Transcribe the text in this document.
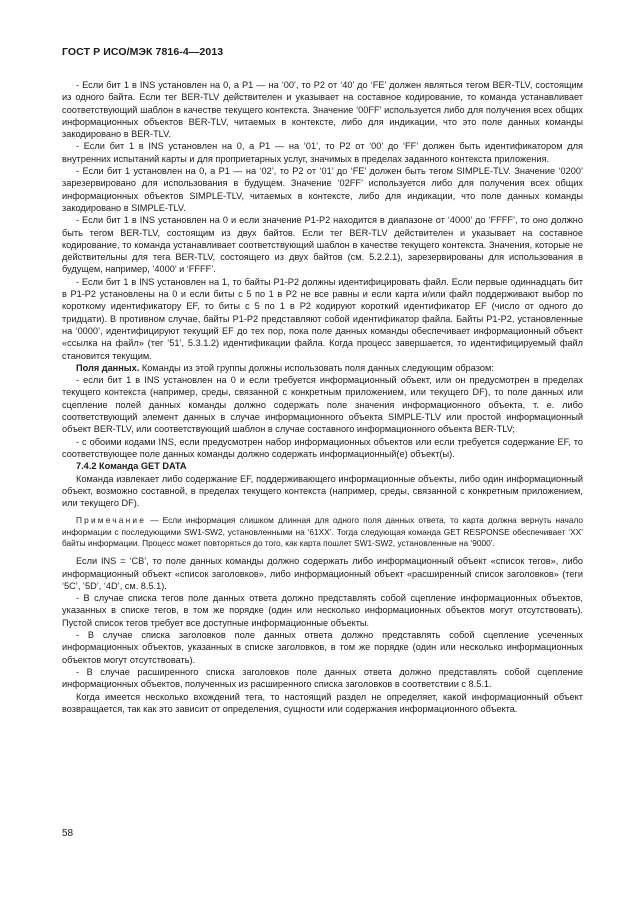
ГОСТ Р ИСО/МЭК 7816-4—2013

- Если бит 1 в INS установлен на 0, а P1 — на ‘00’, то P2 от ‘40’ до ‘FE’ должен являться тегом BER-TLV, состоящим из одного байта. Если тег BER-TLV действителен и указывает на составное кодирование, то команда устанавливает соответствующий шаблон в качестве текущего контекста. Значение ‘00FF’ используется либо для получения всех общих информационных объектов BER-TLV, читаемых в контексте, либо для индикации, что это поле данных команды закодировано в BER-TLV.

- Если бит 1 в INS установлен на 0, а P1 — на ‘01’, то P2 от ‘00’ до ‘FF’ должен быть идентификатором для внутренних испытаний карты и для проприетарных услуг, значимых в пределах заданного контекста приложения.

- Если бит 1 установлен на 0, а P1 — на ‘02’, то P2 от ‘01’ до ‘FE’ должен быть тегом SIMPLE-TLV. Значение ‘0200’ зарезервировано для использования в будущем. Значение ‘02FF’ используется либо для получения всех общих информационных объектов SIMPLE-TLV, читаемых в контексте, либо для индикации, что поле данных команды закодировано в SIMPLE-TLV.

- Если бит 1 в INS установлен на 0 и если значение P1-P2 находится в диапазоне от ‘4000’ до ‘FFFF’, то оно должно быть тегом BER-TLV, состоящим из двух байтов. Если тег BER-TLV действителен и указывает на составное кодирование, то команда устанавливает соответствующий шаблон в качестве текущего контекста. Значения, которые не действительны для тега BER-TLV, состоящего из двух байтов (см. 5.2.2.1), зарезервированы для использования в будущем, например, ‘4000’ и ‘FFFF’.

- Если бит 1 в INS установлен на 1, то байты P1-P2 должны идентифицировать файл. Если первые одиннадцать бит в P1-P2 установлены на 0 и если биты с 5 по 1 в P2 не все равны и если карта и/или файл поддерживают выбор по короткому идентификатору EF, то биты с 5 по 1 в P2 кодируют короткий идентификатор EF (число от одного до тридцати). В противном случае, байты P1-P2 представляют собой идентификатор файла. Байты P1-P2, установленные на ‘0000’, идентифицируют текущий EF до тех пор, пока поле данных команды обеспечивает информационный объект «ссылка на файл» (тег ‘51’, 5.3.1.2) идентификации файла. Когда процесс завершается, то идентифицируемый файл становится текущим.

Поля данных. Команды из этой группы должны использовать поля данных следующим образом:

- если бит 1 в INS установлен на 0 и если требуется информационный объект, или он предусмотрен в пределах текущего контекста (например, среды, связанной с конкретным приложением, или текущего DF), то поле данных или сцепление полей данных команды должно содержать поле значения информационного объекта, т. е. либо соответствующий элемент данных в случае информационного объекта SIMPLE-TLV или простой информационный объект BER-TLV, или соответствующий шаблон в случае составного информационного объекта BER-TLV;

- с обоими кодами INS, если предусмотрен набор информационных объектов или если требуется содержание EF, то соответствующее поле данных команды должно содержать информационный(е) объект(ы).

7.4.2 Команда GET DATA

Команда извлекает либо содержание EF, поддерживающего информационные объекты, либо один информационный объект, возможно составной, в пределах текущего контекста (например, среды, связанной с конкретным приложением, или текущего DF).

Примечание — Если информация слишком длинная для одного поля данных ответа, то карта должна вернуть начало информации с последующими SW1-SW2, установленными на ‘61XX’. Тогда следующая команда GET RESPONSE обеспечивает ‘XX’ байты информации. Процесс может повторяться до того, как карта пошлет SW1-SW2, установленные на ‘9000’.

Если INS = ‘CB’, то поле данных команды должно содержать либо информационный объект «список тегов», либо информационный объект «список заголовков», либо информационный объект «расширенный список заголовков» (теги ‘5C’, ‘5D’, ‘4D’, см. 8.5.1).

- В случае списка тегов поле данных ответа должно представлять собой сцепление информационных объектов, указанных в списке тегов, в том же порядке (один или несколько информационных объектов могут отсутствовать). Пустой список тегов требует все доступные информационные объекты.

- В случае списка заголовков поле данных ответа должно представлять собой сцепление усеченных информационных объектов, указанных в списке заголовков, в том же порядке (один или несколько информационных объектов могут отсутствовать).

- В случае расширенного списка заголовков поле данных ответа должно представлять собой сцепление информационных объектов, полученных из расширенного списка заголовков в соответствии с 8.5.1.

Когда имеется несколько вхождений тега, то настоящий раздел не определяет, какой информационный объект возвращается, так как это зависит от определения, сущности или содержания информационного объекта.

58
